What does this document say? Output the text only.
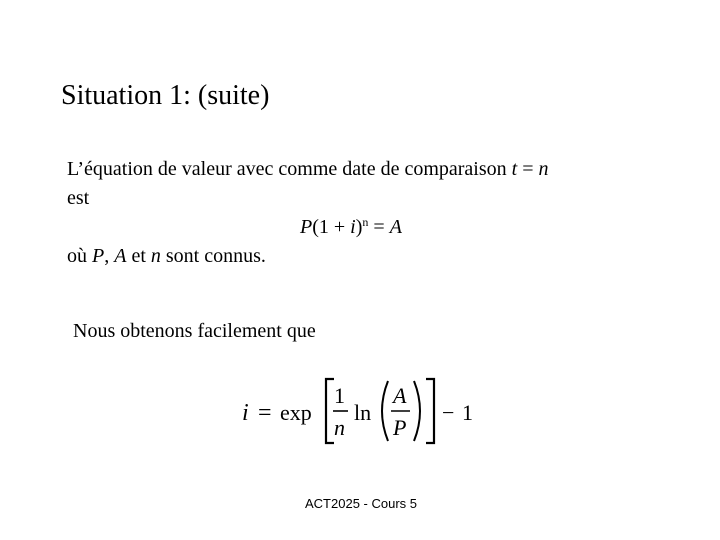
Situation 1: (suite)
L’équation de valeur avec comme date de comparaison t = n
est
$P(1 + i)^n = A$
où P, A et n sont connus.
Nous obtenons facilement que
i = exp
1
n
ln
A
P
− 1
ACT2025 - Cours 5
